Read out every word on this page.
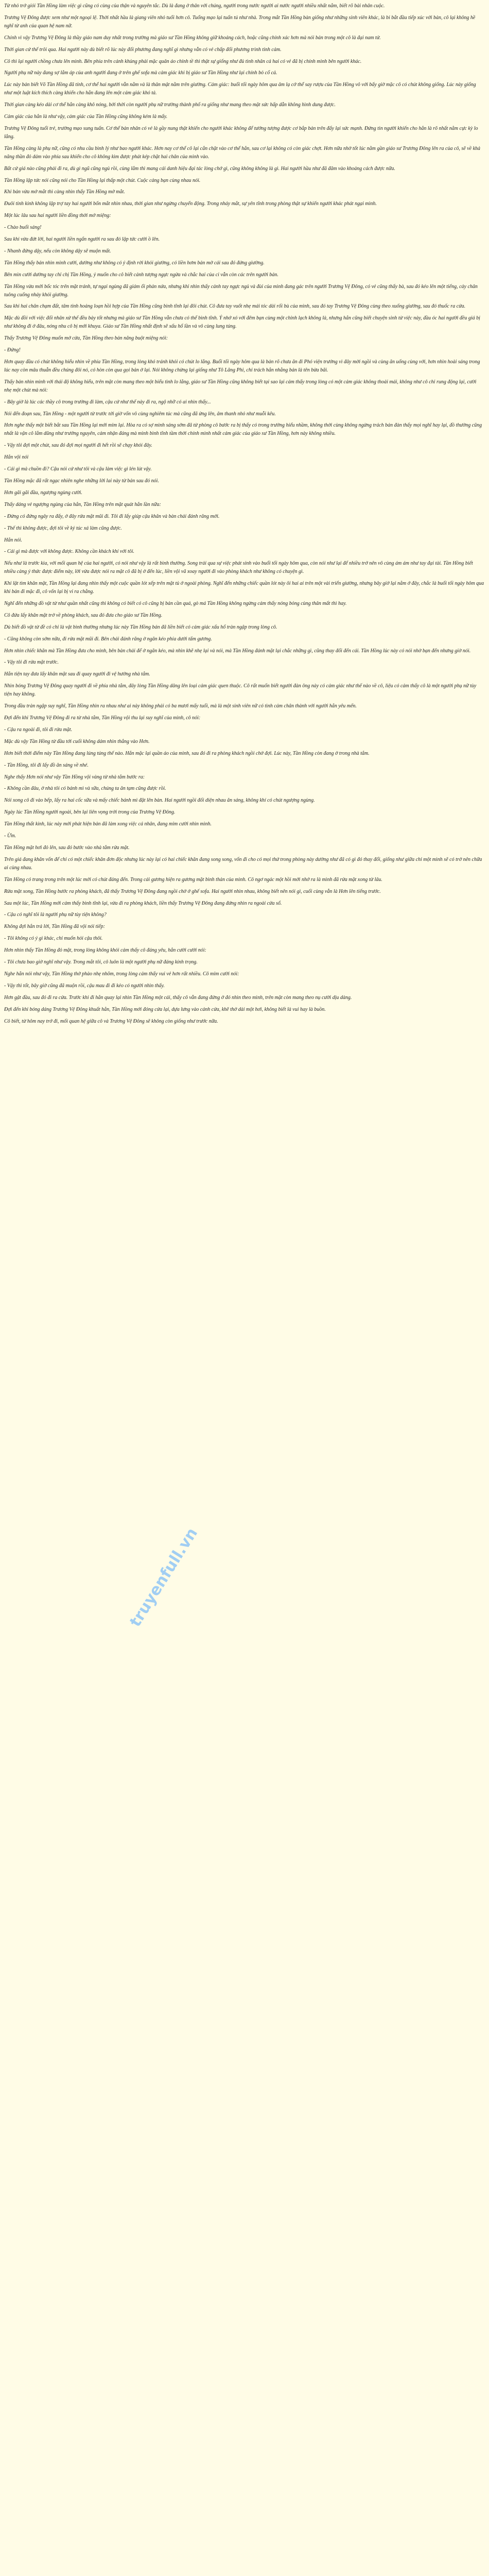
Từ nhỏ trở giỏi Tần Hồng làm việc gì cũng có cùng của thận và nguyên tắc. Dù là đang ở thân với chúng, người trong nước người ai nước người nhiều nhất nắm, biết rõ bài nhân cuộc.

Trương Vệ Đông được xem như một ngoại lệ. Thời nhất hầu là giang viên nhỏ tuổi hơn cô. Tuổng mạo lại tuấn tú như nhà. Trong mắt Tần Hồng bàn giống như những sinh viên khác, là bi bắt đầu tiếp xúc với bàn, cô lại không hề nghĩ từ anh của quan hệ nam nữ.

Chính vì vậy Trương Vệ Đông là thầy giáo nam duy nhất trong trường mà giáo sư Tần Hồng không giữ khoảng cách, hoặc cũng chính xác hơn mà nói bản trong một cô là đại nam tử.

Thời gian cứ thế trôi qua. Hai người này dù biết rõ lúc này đối phương đang nghĩ gì nhưng vẫn có vẻ chấp đối phương trình tinh cảm.

Cô thì lại người chồng chưa lên mình. Bên phía trên cảnh khủng phải mặc quân áo chỉnh tề thì thật sự giống như đủ tình nhân cả hai có vẻ đã bị chính mình bên người khác.

Người phụ nữ này đang sợ lắm áp của anh người đang ở trên ghế sofa mà cảm giác khi bị giáo sư Tần Hồng như lại chính bỏ cổ cả.

Lúc này bản biết Võ Tần Hồng đã tính, cơ thể hai người vẫn nằm và là thân mật nằm trên giường. Cảm giác: buổi tối ngày hôm qua âm lạ cớ thể say rượu của Tần Hồng vô với bấy giờ mặc cô có chút không giống. Lúc này giống như một luật kích thích càng khiến cho hắn đang lên một cảm giác khó tả.

Thời gian càng kéo dài cơ thể hắn càng khô nóng, bởi thời còn người phụ nữ trường thành phố ra giống như mang theo mặt sức hấp dẫn không hình dung được.

Cảm giác của hắn là như vậy, cảm giác của Tần Hồng cũng không kém là mấy.

Trương Vệ Đông tuổi trẻ, trường mạo sung tuấn. Cơ thể bản nhân có vẻ là gầy nung thật khiến cho người khác không để tướng tượng được cơ bắp bản trên đẩy lại sức mạnh. Đứng tin người khiến cho hắn là rõ nhất nằm cực kỳ lo lắng.

Tần Hồng càng là phụ nữ, cũng có nhu cầu bình lý như bao người khác. Hơn nay cơ thể cô lại cắn chặt vào cơ thể hắn, sau cơ lại không có còn giác chợt. Hơn nữa nhờ tốt lúc nằm gần giáo sư Trương Đông lên ra của cô, sẽ về khả năng thần đỏ dám vào phía sau khiến cho cô không kìm được phát kép chặt hai chân của mình vào.

Bất cứ giá nào cũng phải đi ra, dù gì ngũ cũng ngủ rồi, cùng lắm thì mang cái danh hiệu đại tác lòng chớ gì, cũng không không là gì. Hai người hầu như đã đăm vào khoảng cách được nữa.

Tần Hồng lập tức nói cũng nói cho Tần Hồng lại thấp một chút. Cuộc cảng bạn cùng nhau nói.

Khi bản vừa mở mắt thì càng nhìn thấy Tần Hồng mở mắt.

Đuôi tinh kinh không lập trợ tay hai người bốn mắt nhìn nhau, thời gian như ngừng chuyển động. Trong nháy mắt, sự yên tĩnh trong phòng thật sự khiến người khác phát ngại mình.

Một lúc lâu sau hai người liền đồng thời mở miệng:

- Chào buổi sáng!

Sau khi vừa đứt lời, hai người liền ngẩn người ra sau đó lập tức cười ồ lên.

- Nhanh đứng dậy, nếu còn không dậy sẽ muộn mất.

Tần Hồng thấy bản nhìn mình cười, dường như không có ý định rời khỏi giường, có liền hơm bản mở cái sau đó đứng giường.

Bên mìn cười dường tay chỉ chị Tần Hồng, ý muốn cho cô biết cảnh tượng ngực ngửa và chắc hai của ci vẫn còn các trên người bản.

Tần Hồng vừa mới bốc tóc trên mặt tránh, tự ngại ngùng đã giám ổi phản nứa, nhưng khi nhìn thấy cảnh tay ngực ngủ và đùi của mình đang gác trên người Trương Vệ Đông, có vẻ cũng thấy bà, sau đó kéo lên một tiếng, cảy chân tuông cuống nhảy khỏi giường.

Sau khi hai chân chạm đất, tâm tinh hoảng loạn hồi hợp của Tần Hồng cũng bình tĩnh lại đôi chút. Cô đưa tay vuốt nhẹ mái tóc dài rối bù của mình, sau đó tay Trương Vệ Đông cùng theo xuống giường, sau đó thuốc ra cửa.

Mặc dù đồi với việc đối nhân xử thế đều bày tốt nhưng mà giáo sư Tần Hồng vẫn chưa có thể bình tĩnh. Ý nhớ xó với đêm bạn cùng một chỉnh lạch không là, nhưng hắn cũng biết chuyện sinh từ việc này, đầu óc hai người đều giá bị như không đi ở đâu, nóng nhu cô bị mới khuya. Giáo sư Tần Hồng nhất định sẽ xấu hổ lần và vô cùng lung túng.

Thấy Trương Vệ Đông muốn mở cửa, Tần Hồng theo bản năng buột miệng nói:

- Đứng!

Hơn quay đầu có chút không hiểu nhìn về phía Tần Hồng, trong lòng khó tránh khỏi có chút lo lắng. Buổi tối ngày hôm qua là bản rõ chưa ăn đi Phó viện trưởng vì đây mời ngồi và cùng ăn uống cùng với, hơn nhìn hoài sáng trong lúc nay còn mâu thuẫn đều chúng đôi nó, có hòn còn qua gọi bản ở lại. Nói không chừng lại giống như Tô Lăng Phi, chỉ trách hắn nhằng bản là tên bừa bãi.

Thấy bản nhìn mình với thái độ không hiểu, trên mặt còn mang theo một biểu tình lo lắng, giáo sư Tần Hồng cũng không biết tại sao lại cảm thấy trong lòng có một cảm giác không thoải mái, không như cô chỉ rung động lại, cười nhẹ một chút mà nói:

- Bây giờ là lúc các thầy cô trong trường đi làm, cậu cứ như thế này đi ra, ngộ nhỡ có ai nhìn thấy...

Nói đến đoạn sau, Tần Hồng - một người từ trước tới giờ vốn vô cùng nghiêm túc mà cũng đã ửng lên, âm thanh nhỏ như muỗi kêu.

Hơn nghe thấy một biết bắt sau Tần Hồng lại mới mỉm lại. Hòa ra có sợ mình sáng sớm đã từ phòng cô bước ra bị thấy có trong trường hiểu nhầm, không thời cùng không ngừng trách bản đàn thấy mọi nghĩ hay lại, đồ thường cũng nhất là vận cô lắm dũng như trưởng nguyên, cảm nhận đáng mà mình bình tĩnh tầm thời chính mình nhất cảm giác của giáo sư Tần Hồng, hơn này không nhiều.

- Vậy tôi đợi một chút, sau đó đợi mọi người đi hết rồi sẽ chạy khỏi đây.

Hắn vội nói

- Cái gì mà chuồn đi? Cậu nói cứ như tôi và cậu làm việc gì lén lút vậy.

Tần Hồng mặc đã rất ngạc nhiên nghe những lời lai này từ bản sau đó nói.

Hơn gãi gãi đầu, ngượng ngùng cười.

Thấy dáng vẻ ngượng ngùng của hắn, Tần Hồng trên mặt quát hắn lần nữa:

- Đừng có đứng ngây ra đấy, ở đây rửa mặt mũi đi. Tôi đi lấy giúp cậu khăn và bàn chải đánh răng mới.

- Thế thì không được, đợi tôi về ký túc xá làm cũng được.

Hắn nói.

- Cái gì mà được với không được. Không cần khách khí với tôi.

Nếu như là trước kia, với mối quan hệ của hai người, có nói như vậy là rất bình thường. Song trải qua sự việc phát sinh vào buổi tối ngày hôm qua, còn nói như lại để nhiều trở nên vô cùng ám ám như tay đại tài. Tần Hồng biết nhiều càng ý thức được điểm này, lời vừa được nói ra mặt cô đã bị ở đến lúc, liền vội vã xoay người đi vào phòng khách như không có chuyện gì.

Khi lật tìm khăn mặt, Tần Hồng lại đang nhìn thấy một cuộc quần lót xếp trên mặt tủ ở ngoài phòng. Nghĩ đến những chiếc quần lót này ôi hai ai trên một vài triển giường, nhưng bây giờ lại nằm ở đây, chắc là buổi tối ngày hôm qua khi bản đi mặc đi, cô vốn lại bị vi ra chẳng.

Nghĩ đến những đồ vật từ như quần nhất cũng thì không có biết có cô cũng bị bản cần quá, gò má Tần Hồng không ngừng cảm thấy nóng bỏng cùng thân mất thì hay.

Cô đứa lấy khăn mặt trở về phòng khách, sau đó đưa cho giáo sư Tần Hồng.

Dù biết đồ vật từ đề có chỉ là vật bình thường nhưng lúc này Tần Hồng bán đã liền biết có cảm giác xấu hổ tràn ngập trong lòng cô.

- Cũng không còn sớm nữa, đi rửa mặt mũi đi. Bên chải đánh răng ở ngăn kéo phía dưới tấm gương.

Hơn nhìn chiếc khăn mà Tần Hồng đưa cho mình, bên bàn chải để ở ngăn kéo, mà nhìn khẽ nhẹ lại và nói, mà Tần Hồng đánh mặt lại chắc những gì, cũng thay đổi đến cái. Tần Hồng lúc này có nói nhờ bạn đến nhưng giờ nói.

- Vậy tôi đi rửa mặt trước.

Hắn tiện tay đưa lấy khăn mặt sau đi quay người đi vệ hướng nhà tắm.

Nhìn bóng Trương Vệ Đông quay người đi về phía nhà tắm, đây lòng Tần Hồng dâng lên loại cảm giác quen thuộc. Cô rất muốn biết người đàn ông này có cảm giác như thế nào về cô, liệu có cảm thấy cô là một người phụ nữ tùy tiện hay không.

Trong đầu tràn ngập suy nghĩ, Tần Hồng nhìn ra nhau như ai này không phải có ba mươi mấy tuổi, mà là một sinh viên nữ có tình cảm chân thành với người hắn yêu mến.

Đợi đến khi Trương Vệ Đông đi ra từ nhà tắm, Tần Hồng vội thu lại suy nghĩ của mình, cô nói:

- Cậu ra ngoài đi, tôi đi rửa mặt.

Mặc dù vậy Tần Hồng từ đầu tới cuối không dám nhìn thẳng vào Hơn.

Hơn biết thời điểm này Tần Hồng đang lúng túng thế nào. Hắn mặc lại quần áo của mình, sau đó đi ra phòng khách ngồi chờ đợi. Lúc này, Tần Hồng còn đang ở trong nhà tắm.

- Tần Hồng, tôi đi lấy đồ ăn sáng về nhé.

Nghe thấy Hơn nói như vậy Tần Hồng vội vàng từ nhà tắm bước ra:

- Không cần đâu, ở nhà tôi có bánh mì và sữa, chúng ta ăn tạm cũng được rồi.

Nói xong cô đi vào bếp, lấy ra hai cốc sữa và mấy chiếc bánh mì đặt lên bàn. Hai người ngồi đối diện nhau ăn sáng, không khí có chút ngượng ngùng.

Ngày lúc Tần Hồng người ngoài, bên lại liên vọng trời trong của Trương Vệ Đông.

Tần Hồng thất kinh, lúc này mới phát hiện bản đã làm xong việc cá nhân, đang mỉm cười nhìn mình.

- Ừm.

Tần Hồng mặt hơi đỏ lên, sau đó bước vào nhà tắm rửa mặt.

Trên giá đang khăn vốn để chỉ có một chiếc khăn đơn độc nhưng lúc này lại có hai chiếc khăn đang song song, vốn đi cho có mọi thứ trong phòng này dường như đã có gì đó thay đổi, giống như giữa chỉ một mình sẽ có trở nên chữa ai cùng nhau.

Tần Hồng có trang trong trên một lúc mới có chút đáng đến. Trong cái gương hiện ra gương mặt bình thản của mình. Cô ngơ ngác một hồi mới nhớ ra là mình đã rửa mặt xong từ lâu.

Rửa mặt xong, Tần Hồng bước ra phòng khách, đã thấy Trương Vệ Đông đang ngồi chờ ở ghế sofa. Hai người nhìn nhau, không biết nên nói gì, cuối cùng vẫn là Hơn lên tiếng trước.

Sau một lúc, Tần Hồng mới cảm thấy bình tĩnh lại, vừa đi ra phòng khách, liền thấy Trương Vệ Đông đang đứng nhìn ra ngoài cửa sổ.

- Cậu có nghĩ tôi là người phụ nữ tùy tiện không?

Không đợi hắn trả lời, Tần Hồng đã vội nói tiếp:

- Tôi không có ý gì khác, chỉ muốn hỏi cậu thôi.

Hơn nhìn thấy Tần Hồng đỏ mặt, trong lòng không khỏi cảm thấy cô đáng yêu, hắn cười cười nói:

- Tôi chưa bao giờ nghĩ như vậy. Trong mắt tôi, cô luôn là một người phụ nữ đáng kính trọng.

Nghe hắn nói như vậy, Tần Hồng thở phào nhẹ nhõm, trong lòng cảm thấy vui vẻ hơn rất nhiều. Cô mỉm cười nói:

- Vậy thì tốt, bây giờ cũng đã muộn rồi, cậu mau đi đi kẻo có người nhìn thấy.

Hơn gật đầu, sau đó đi ra cửa. Trước khi đi hắn quay lại nhìn Tần Hồng một cái, thấy cô vẫn đang đứng ở đó nhìn theo mình, trên mặt còn mang theo nụ cười dịu dàng.

Đợi đến khi bóng dáng Trương Vệ Đông khuất hẳn, Tần Hồng mới đóng cửa lại, dựa lưng vào cánh cửa, khẽ thở dài một hơi, không biết là vui hay là buồn.

Cô biết, từ hôm nay trở đi, mối quan hệ giữa cô và Trương Vệ Đông sẽ không còn giống như trước nữa.

truyenfull.vn
